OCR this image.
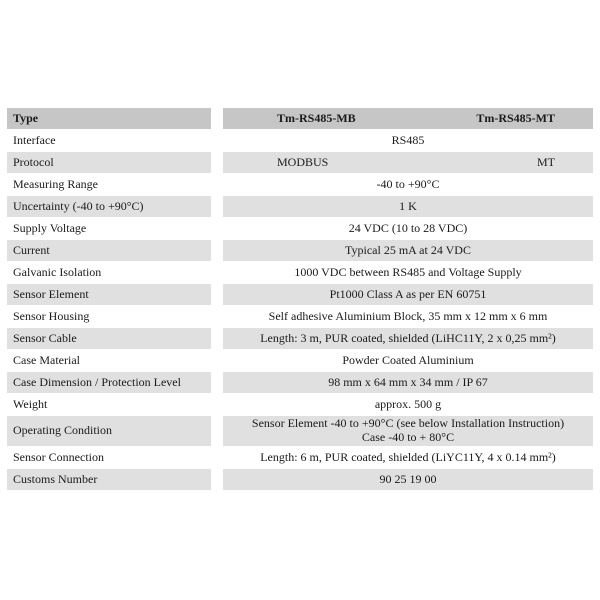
Type	Tm-RS485-MB	Tm-RS485-MT
Interface	RS485
Protocol	MODBUS	MT
Measuring Range	-40 to +90°C
Uncertainty (-40 to +90°C)	1 K
Supply Voltage	24 VDC (10 to 28 VDC)
Current	Typical 25 mA at 24 VDC
Galvanic Isolation	1000 VDC between RS485 and Voltage Supply
Sensor Element	Pt1000 Class A as per EN 60751
Sensor Housing	Self adhesive Aluminium Block, 35 mm x 12 mm x 6 mm
Sensor Cable	Length: 3 m, PUR coated, shielded (LiHC11Y, 2 x 0,25 mm²)
Case Material	Powder Coated Aluminium
Case Dimension / Protection Level	98 mm x 64 mm x 34 mm / IP 67
Weight	approx. 500 g
Operating Condition	Sensor Element -40 to +90°C (see below Installation Instruction)
Case -40 to + 80°C
Sensor Connection	Length: 6 m, PUR coated, shielded (LiYC11Y, 4 x 0.14 mm²)
Customs Number	90 25 19 00
